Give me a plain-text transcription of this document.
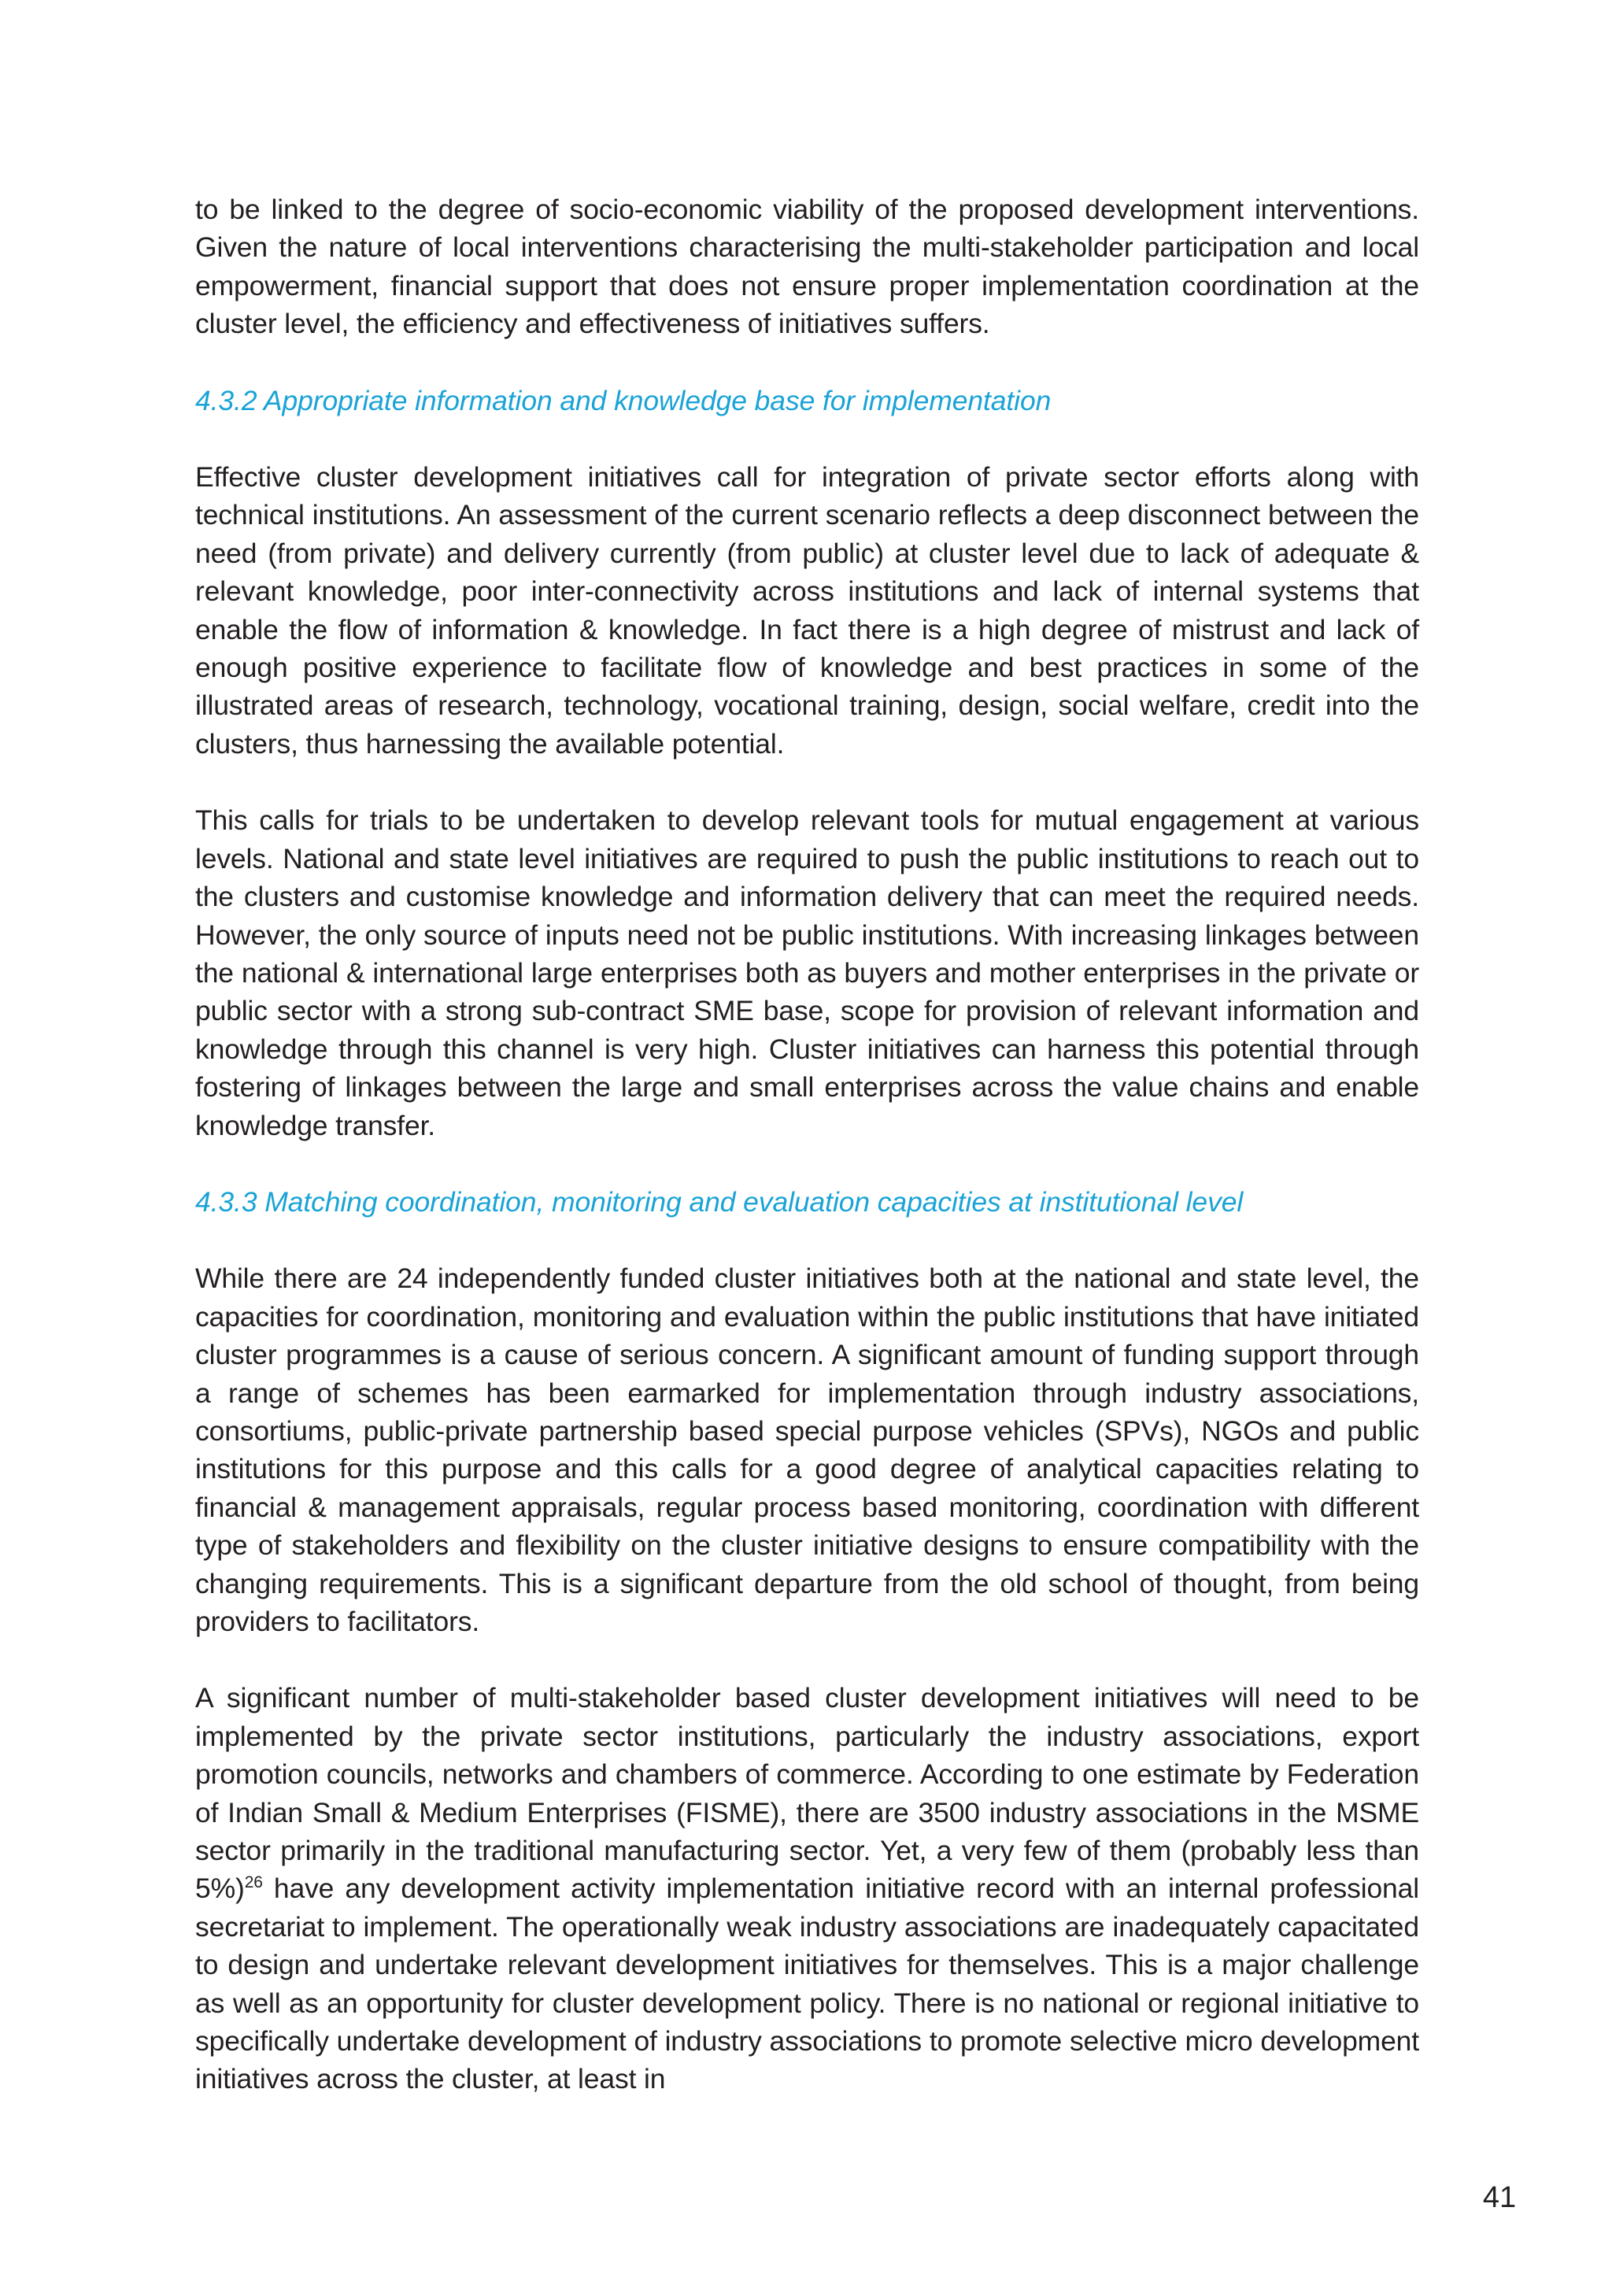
to be linked to the degree of socio-economic viability of the proposed development interventions. Given the nature of local interventions characterising the multi-stakeholder participation and local empowerment, financial support that does not ensure proper implementation coordination at the cluster level, the efficiency and effectiveness of initiatives suffers.

4.3.2 Appropriate information and knowledge base for implementation

Effective cluster development initiatives call for integration of private sector efforts along with technical institutions. An assessment of the current scenario reflects a deep disconnect between the need (from private) and delivery currently (from public) at cluster level due to lack of adequate & relevant knowledge, poor inter-connectivity across institutions and lack of internal systems that enable the flow of information & knowledge. In fact there is a high degree of mistrust and lack of enough positive experience to facilitate flow of knowledge and best practices in some of the illustrated areas of research, technology, vocational training, design, social welfare, credit into the clusters, thus harnessing the available potential.

This calls for trials to be undertaken to develop relevant tools for mutual engagement at various levels. National and state level initiatives are required to push the public institutions to reach out to the clusters and customise knowledge and information delivery that can meet the required needs. However, the only source of inputs need not be public institutions. With increasing linkages between the national & international large enterprises both as buyers and mother enterprises in the private or public sector with a strong sub-contract SME base, scope for provision of relevant information and knowledge through this channel is very high. Cluster initiatives can harness this potential through fostering of linkages between the large and small enterprises across the value chains and enable knowledge transfer.

4.3.3 Matching coordination, monitoring and evaluation capacities at institutional level

While there are 24 independently funded cluster initiatives both at the national and state level, the capacities for coordination, monitoring and evaluation within the public institutions that have initiated cluster programmes is a cause of serious concern. A significant amount of funding support through a range of schemes has been earmarked for implementation through industry associations, consortiums, public-private partnership based special purpose vehicles (SPVs), NGOs and public institutions for this purpose and this calls for a good degree of analytical capacities relating to financial & management appraisals, regular process based monitoring, coordination with different type of stakeholders and flexibility on the cluster initiative designs to ensure compatibility with the changing requirements. This is a significant departure from the old school of thought, from being providers to facilitators.

A significant number of multi-stakeholder based cluster development initiatives will need to be implemented by the private sector institutions, particularly the industry associations, export promotion councils, networks and chambers of commerce. According to one estimate by Federation of Indian Small & Medium Enterprises (FISME), there are 3500 industry associations in the MSME sector primarily in the traditional manufacturing sector. Yet, a very few of them (probably less than 5%)$^{26}$ have any development activity implementation initiative record with an internal professional secretariat to implement. The operationally weak industry associations are inadequately capacitated to design and undertake relevant development initiatives for themselves. This is a major challenge as well as an opportunity for cluster development policy. There is no national or regional initiative to specifically undertake development of industry associations to promote selective micro development initiatives across the cluster, at least in

41
